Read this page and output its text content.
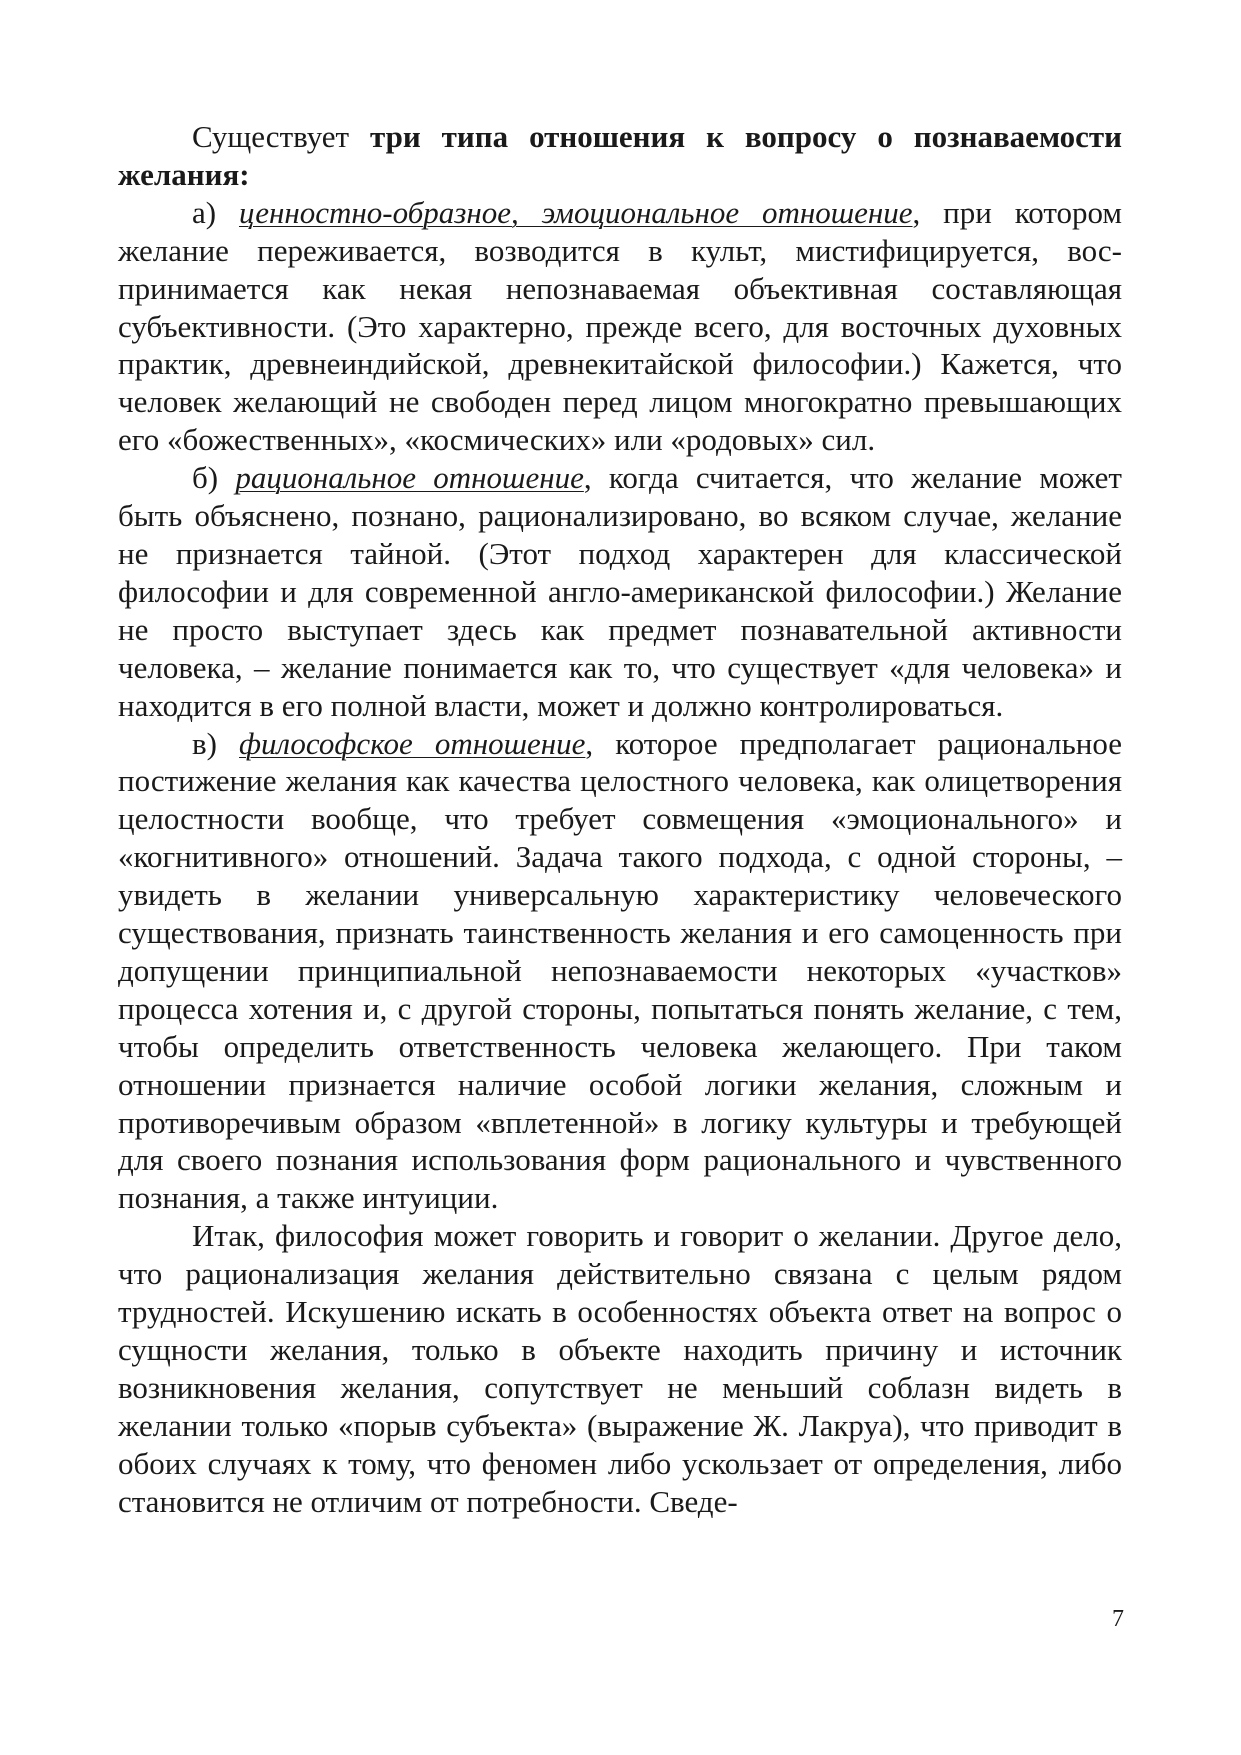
Существует три типа отношения к вопросу о познаваемости желания:

а) ценностно-образное, эмоциональное отношение, при котором желание переживается, возводится в культ, мистифицируется, воспринимается как некая непознаваемая объективная составляющая субъективности. (Это характерно, прежде всего, для восточных духовных практик, древнеиндийской, древнекитайской философии.) Кажется, что человек желающий не свободен перед лицом многократно превышающих его «божественных», «космических» или «родовых» сил.

б) рациональное отношение, когда считается, что желание может быть объяснено, познано, рационализировано, во всяком случае, желание не признается тайной. (Этот подход характерен для классической философии и для современной англо-американской философии.) Желание не просто выступает здесь как предмет познавательной активности человека, – желание понимается как то, что существует «для человека» и находится в его полной власти, может и должно контролироваться.

в) философское отношение, которое предполагает рациональное постижение желания как качества целостного человека, как олицетворения целостности вообще, что требует совмещения «эмоционального» и «когнитивного» отношений. Задача такого подхода, с одной стороны, – увидеть в желании универсальную характеристику человеческого существования, признать таинственность желания и его самоценность при допущении принципиальной непознаваемости некоторых «участков» процесса хотения и, с другой стороны, попытаться понять желание, с тем, чтобы определить ответственность человека желающего. При таком отношении признается наличие особой логики желания, сложным и противоречивым образом «вплетенной» в логику культуры и требующей для своего познания использования форм рационального и чувственного познания, а также интуиции.

Итак, философия может говорить и говорит о желании. Другое дело, что рационализация желания действительно связана с целым рядом трудностей. Искушению искать в особенностях объекта ответ на вопрос о сущности желания, только в объекте находить причину и источник возникновения желания, сопутствует не меньший соблазн видеть в желании только «порыв субъекта» (выражение Ж. Лакруа), что приводит в обоих случаях к тому, что феномен либо ускользает от определения, либо становится не отличим от потребности. Сведе-

7
